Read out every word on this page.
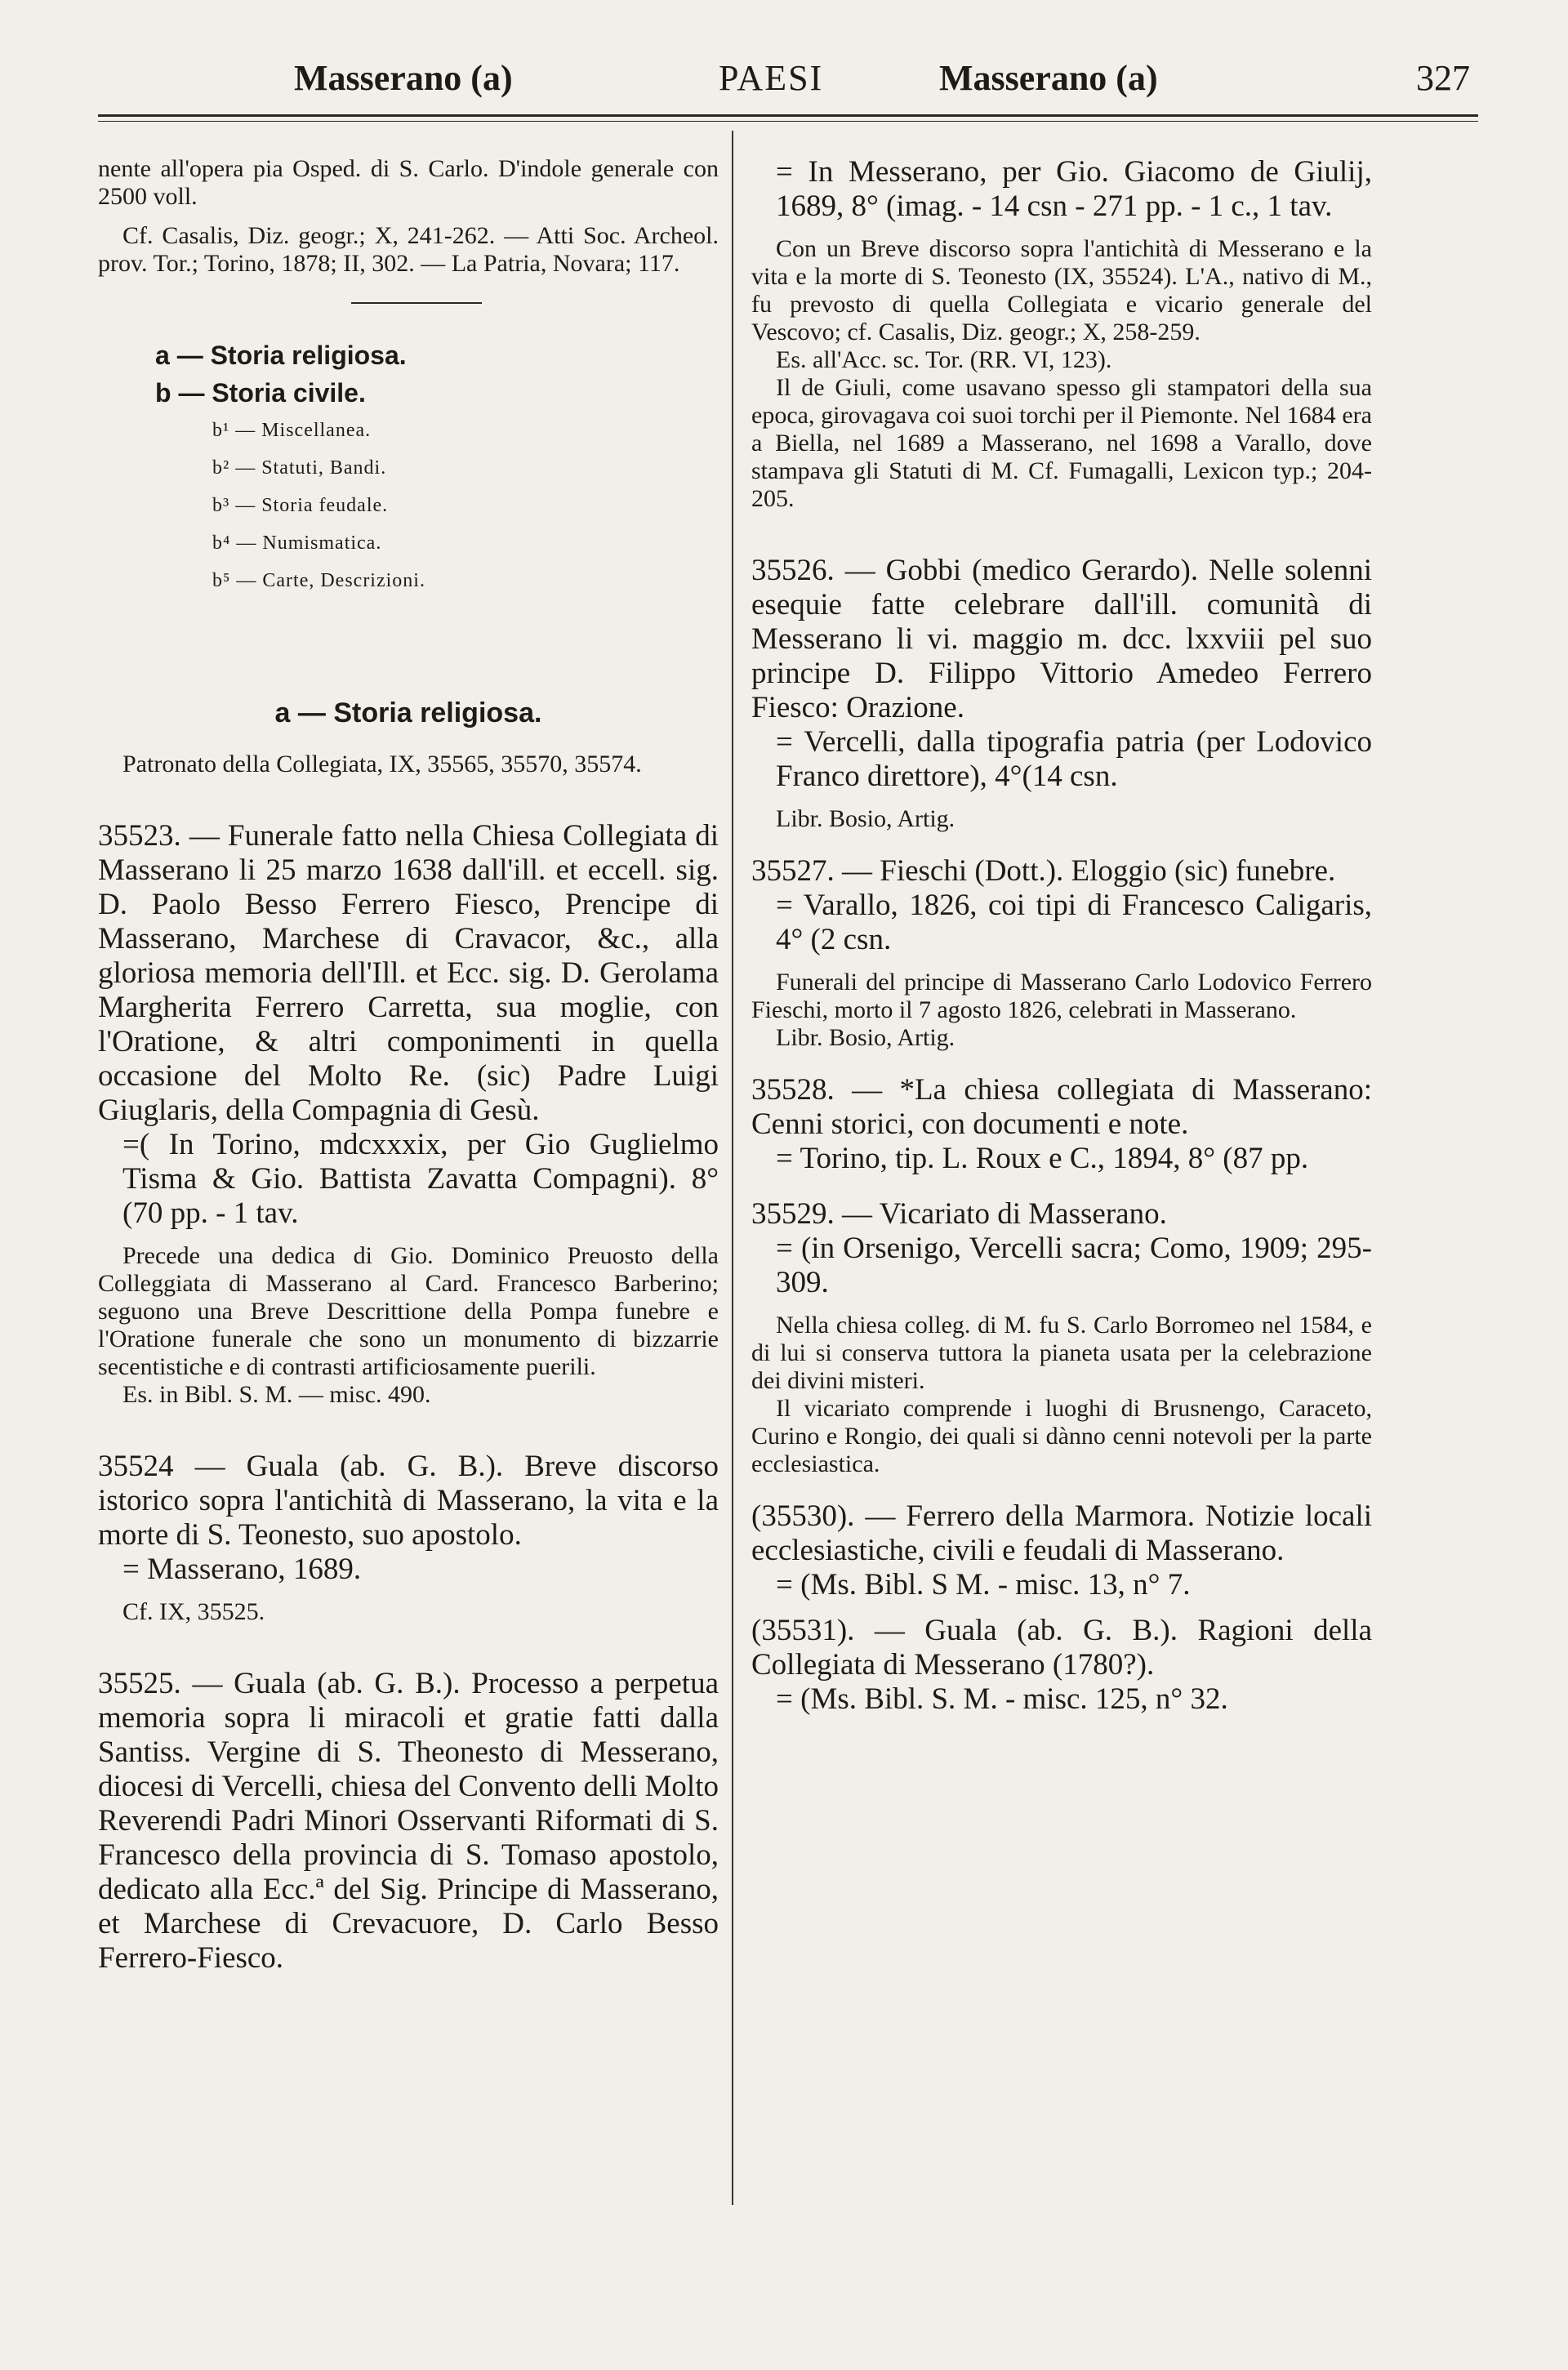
Masserano (a)	PAESI	Masserano (a)	327

nente all'opera pia Osped. di S. Carlo. D'indole generale con 2500 voll.

Cf. Casalis, Diz. geogr.; X, 241-262. — Atti Soc. Archeol. prov. Tor.; Torino, 1878; II, 302. — La Patria, Novara; 117.

a — Storia religiosa.

b — Storia civile.

b¹ — Miscellanea.

b² — Statuti, Bandi.

b³ — Storia feudale.

b⁴ — Numismatica.

b⁵ — Carte, Descrizioni.

a — Storia religiosa.

Patronato della Collegiata, IX, 35565, 35570, 35574.

35523. — Funerale fatto nella Chiesa Collegiata di Masserano li 25 marzo 1638 dall'ill. et eccell. sig. D. Paolo Besso Ferrero Fiesco, Prencipe di Masserano, Marchese di Cravacor, &c., alla gloriosa memoria dell'Ill. et Ecc. sig. D. Gerolama Margherita Ferrero Carretta, sua moglie, con l'Oratione, & altri componimenti in quella occasione del Molto Re. (sic) Padre Luigi Giuglaris, della Compagnia di Gesù.

=( In Torino, mdcxxxix, per Gio Guglielmo Tisma & Gio. Battista Zavatta Compagni). 8° (70 pp. - 1 tav.

Precede una dedica di Gio. Dominico Preuosto della Colleggiata di Masserano al Card. Francesco Barberino; seguono una Breve Descrittione della Pompa funebre e l'Oratione funerale che sono un monumento di bizzarrie secentistiche e di contrasti artificiosamente puerili.

Es. in Bibl. S. M. — misc. 490.

35524 — Guala (ab. G. B.). Breve discorso istorico sopra l'antichità di Masserano, la vita e la morte di S. Teonesto, suo apostolo.

= Masserano, 1689.

Cf. IX, 35525.

35525. — Guala (ab. G. B.). Processo a perpetua memoria sopra li miracoli et gratie fatti dalla Santiss. Vergine di S. Theonesto di Messerano, diocesi di Vercelli, chiesa del Convento delli Molto Reverendi Padri Minori Osservanti Riformati di S. Francesco della provincia di S. Tomaso apostolo, dedicato alla Ecc.ª del Sig. Principe di Masserano, et Marchese di Crevacuore, D. Carlo Besso Ferrero-Fiesco.

= In Messerano, per Gio. Giacomo de Giulij, 1689, 8° (imag. - 14 csn - 271 pp. - 1 c., 1 tav.

Con un Breve discorso sopra l'antichità di Messerano e la vita e la morte di S. Teonesto (IX, 35524). L'A., nativo di M., fu prevosto di quella Collegiata e vicario generale del Vescovo; cf. Casalis, Diz. geogr.; X, 258-259.

Es. all'Acc. sc. Tor. (RR. VI, 123).

Il de Giuli, come usavano spesso gli stampatori della sua epoca, girovagava coi suoi torchi per il Piemonte. Nel 1684 era a Biella, nel 1689 a Masserano, nel 1698 a Varallo, dove stampava gli Statuti di M. Cf. Fumagalli, Lexicon typ.; 204-205.

35526. — Gobbi (medico Gerardo). Nelle solenni esequie fatte celebrare dall'ill. comunità di Messerano li vi. maggio m. dcc. lxxviii pel suo principe D. Filippo Vittorio Amedeo Ferrero Fiesco: Orazione.

= Vercelli, dalla tipografia patria (per Lodovico Franco direttore), 4°(14 csn.

Libr. Bosio, Artig.

35527. — Fieschi (Dott.). Eloggio (sic) funebre.

= Varallo, 1826, coi tipi di Francesco Caligaris, 4° (2 csn.

Funerali del principe di Masserano Carlo Lodovico Ferrero Fieschi, morto il 7 agosto 1826, celebrati in Masserano.

Libr. Bosio, Artig.

35528. — *La chiesa collegiata di Masserano: Cenni storici, con documenti e note.

= Torino, tip. L. Roux e C., 1894, 8° (87 pp.

35529. — Vicariato di Masserano.

= (in Orsenigo, Vercelli sacra; Como, 1909; 295-309.

Nella chiesa colleg. di M. fu S. Carlo Borromeo nel 1584, e di lui si conserva tuttora la pianeta usata per la celebrazione dei divini misteri.

Il vicariato comprende i luoghi di Brusnengo, Caraceto, Curino e Rongio, dei quali si dànno cenni notevoli per la parte ecclesiastica.

(35530). — Ferrero della Marmora. Notizie locali ecclesiastiche, civili e feudali di Masserano.

= (Ms. Bibl. S M. - misc. 13, n° 7.

(35531). — Guala (ab. G. B.). Ragioni della Collegiata di Messerano (1780?).

= (Ms. Bibl. S. M. - misc. 125, n° 32.
